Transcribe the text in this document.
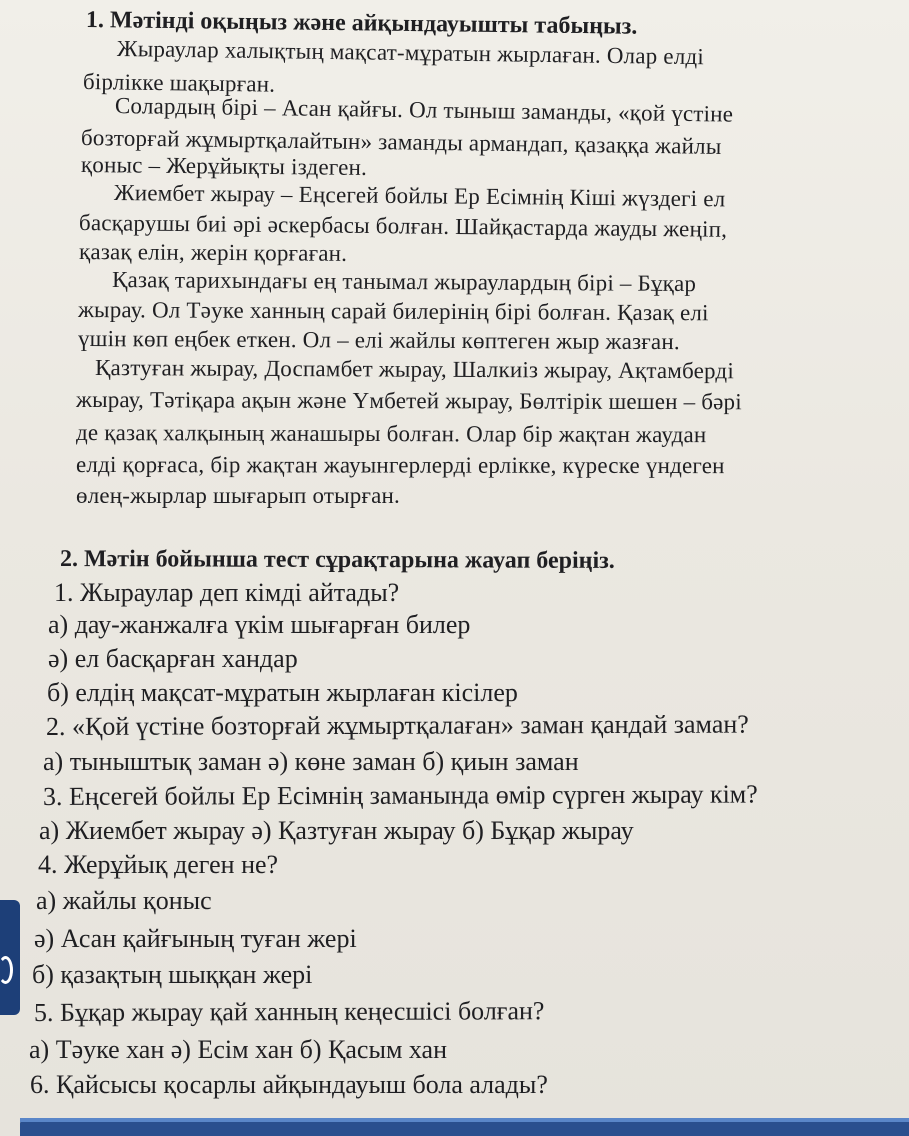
1. Мәтінді оқыңыз және айқындауышты табыңыз.
Жыраулар халықтың мақсат-мұратын жырлаған. Олар елді
бірлікке шақырған.
Солардың бірі – Асан қайғы. Ол тыныш заманды, «қой үстіне
бозторғай жұмыртқалайтын» заманды армандап, қазаққа жайлы
қоныс – Жерұйықты іздеген.
Жиембет жырау – Еңсегей бойлы Ер Есімнің Кіші жүздегі ел
басқарушы биі әрі әскербасы болған. Шайқастарда жауды жеңіп,
қазақ елін, жерін қорғаған.
Қазақ тарихындағы ең танымал жыраулардың бірі – Бұқар
жырау. Ол Тәуке ханның сарай билерінің бірі болған. Қазақ елі
үшін көп еңбек еткен. Ол – елі жайлы көптеген жыр жазған.
Қазтуған жырау, Доспамбет жырау, Шалкиіз жырау, Ақтамберді
жырау, Тәтіқара ақын және Үмбетей жырау, Бөлтірік шешен – бәрі
де қазақ халқының жанашыры болған. Олар бір жақтан жаудан
елді қорғаса, бір жақтан жауынгерлерді ерлікке, күреске үндеген
өлең-жырлар шығарып отырған.
2. Мәтін бойынша тест сұрақтарына жауап беріңіз.
1. Жыраулар деп кімді айтады?
а) дау-жанжалға үкім шығарған билер
ә) ел басқарған хандар
б) елдің мақсат-мұратын жырлаған кісілер
2. «Қой үстіне бозторғай жұмыртқалаған» заман қандай заман?
а) тыныштық заман ә) көне заман б) қиын заман
3. Еңсегей бойлы Ер Есімнің заманында өмір сүрген жырау кім?
а) Жиембет жырау ә) Қазтуған жырау б) Бұқар жырау
4. Жерұйық деген не?
а) жайлы қоныс
ә) Асан қайғының туған жері
б) қазақтың шыққан жері
5. Бұқар жырау қай ханның кеңесшісі болған?
а) Тәуке хан ә) Есім хан б) Қасым хан
6. Қайсысы қосарлы айқындауыш бола алады?
